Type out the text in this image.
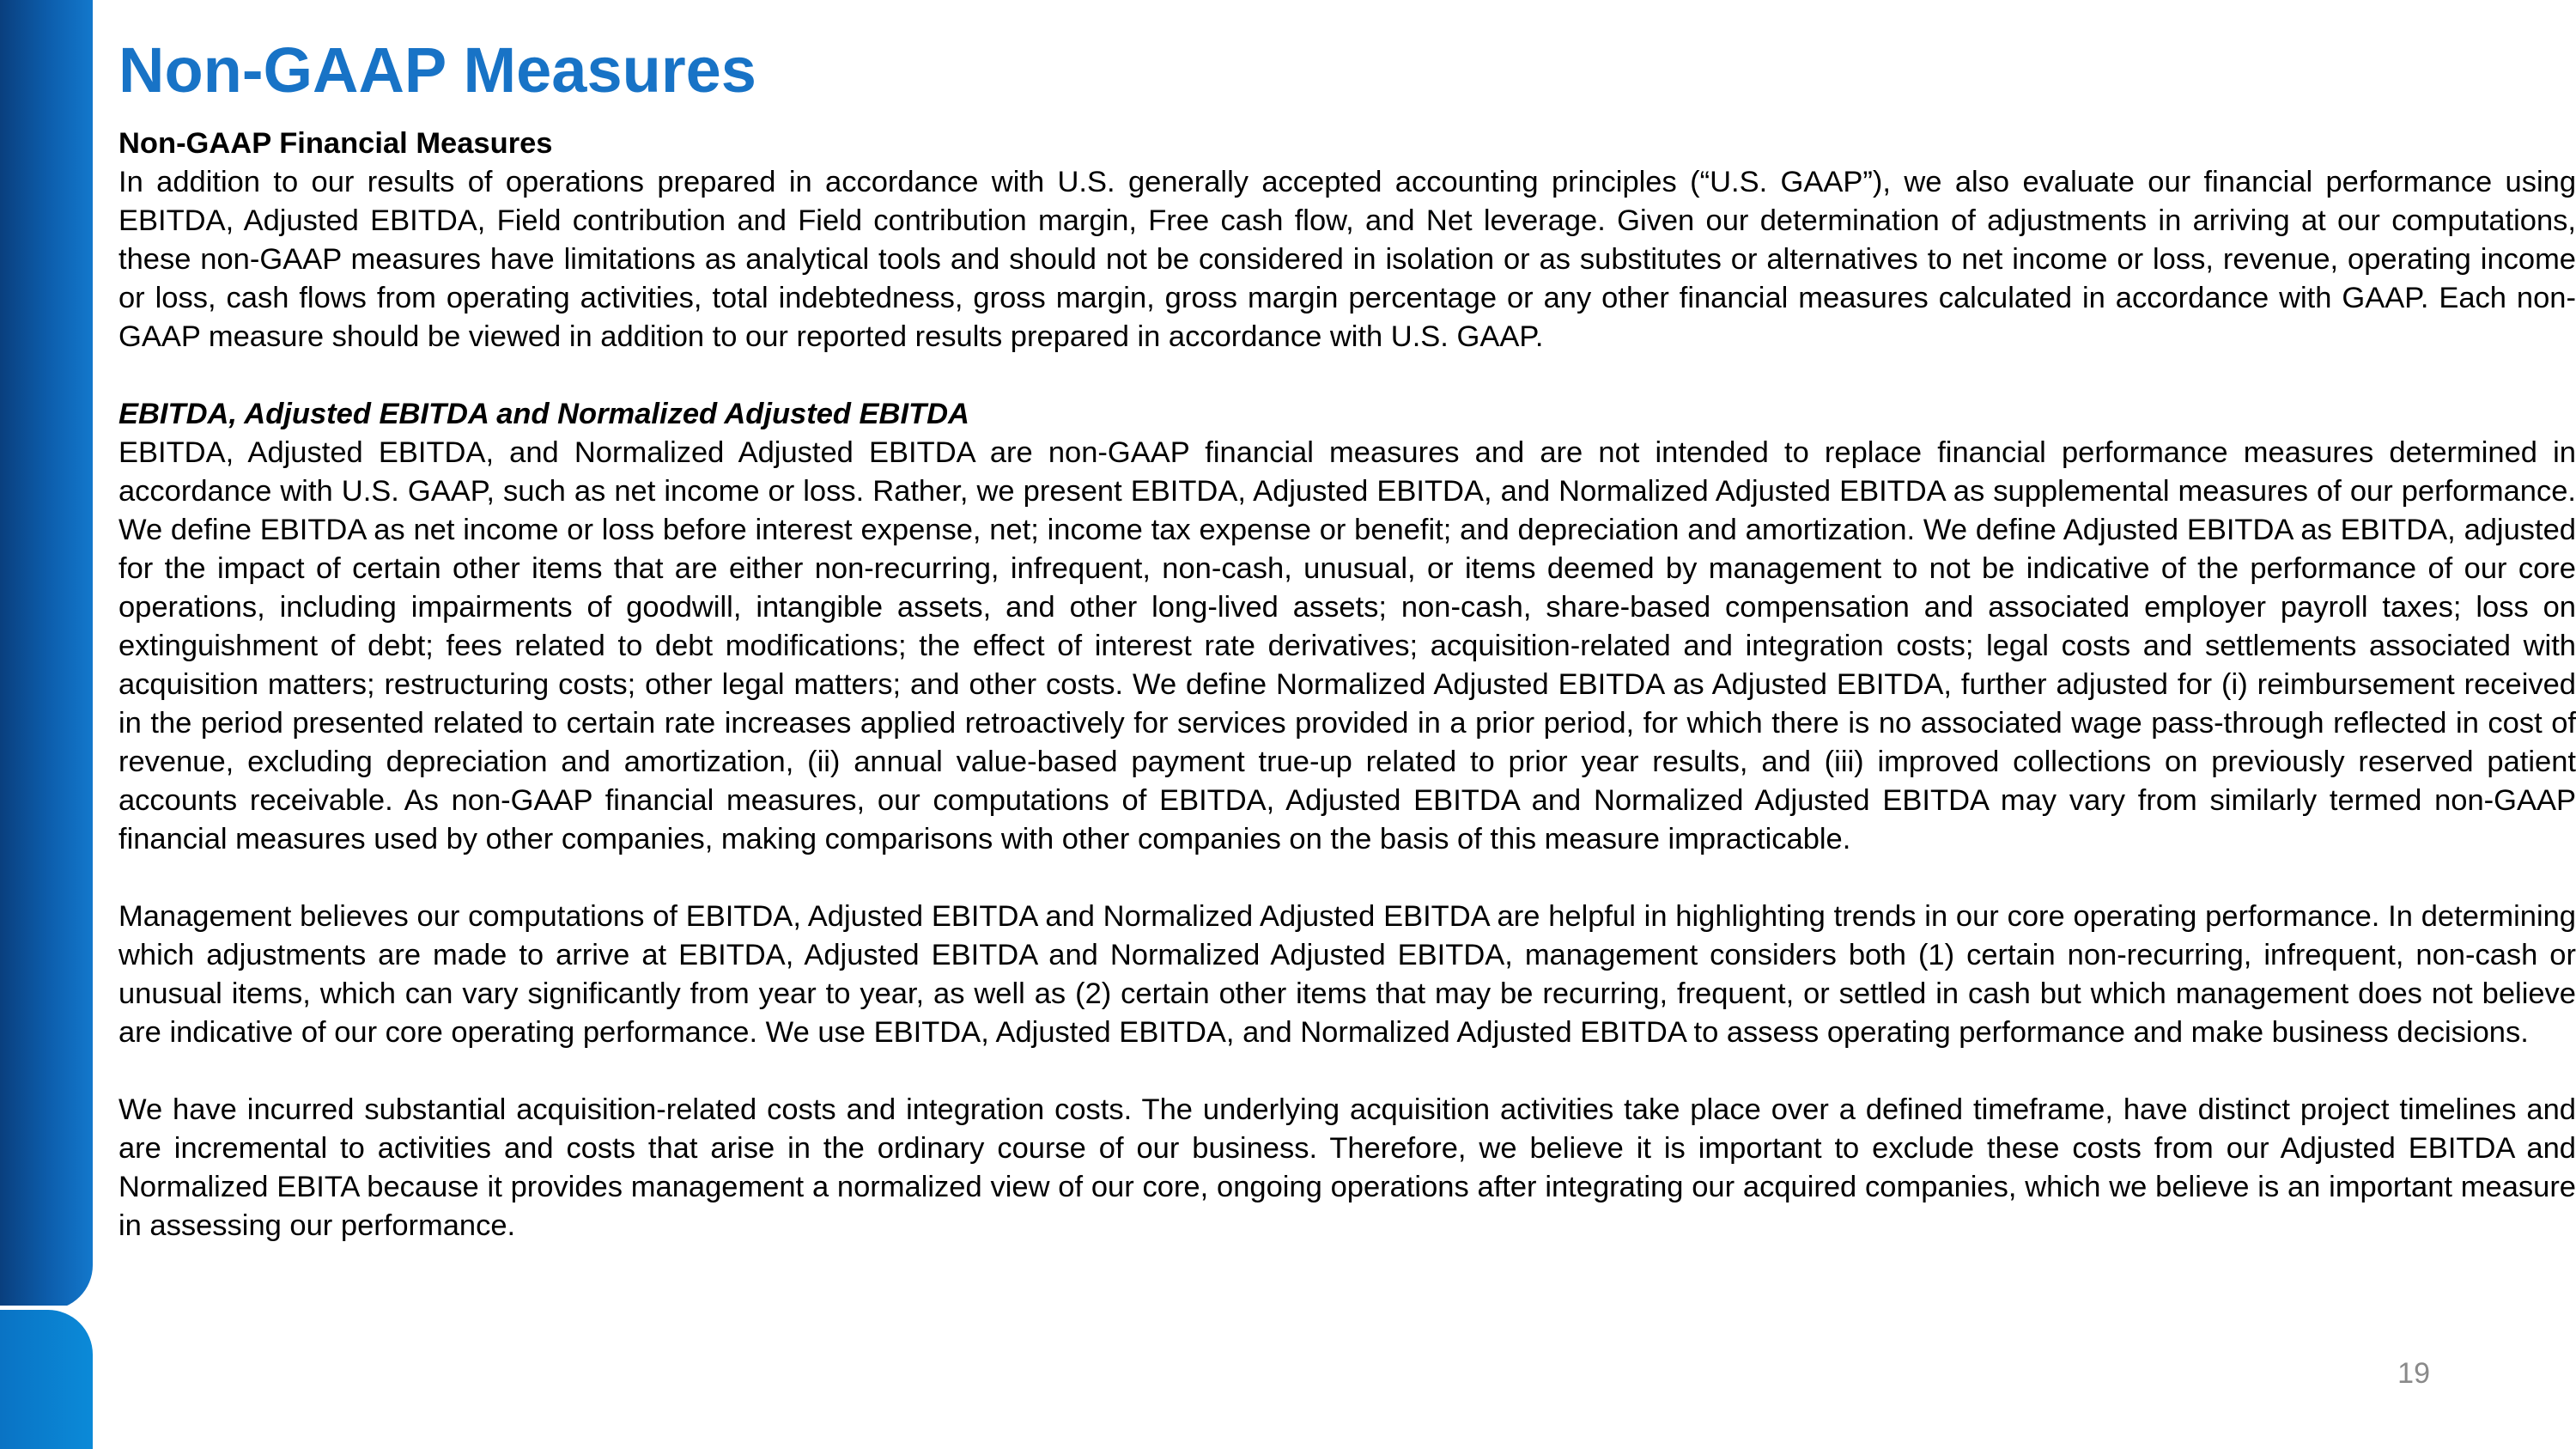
Non-GAAP Measures

Non-GAAP Financial Measures

In addition to our results of operations prepared in accordance with U.S. generally accepted accounting principles (“U.S. GAAP”), we also evaluate our financial performance using EBITDA, Adjusted EBITDA, Field contribution and Field contribution margin, Free cash flow, and Net leverage. Given our determination of adjustments in arriving at our computations, these non-GAAP measures have limitations as analytical tools and should not be considered in isolation or as substitutes or alternatives to net income or loss, revenue, operating income or loss, cash flows from operating activities, total indebtedness, gross margin, gross margin percentage or any other financial measures calculated in accordance with GAAP. Each non-GAAP measure should be viewed in addition to our reported results prepared in accordance with U.S. GAAP.

EBITDA, Adjusted EBITDA and Normalized Adjusted EBITDA

EBITDA, Adjusted EBITDA, and Normalized Adjusted EBITDA are non-GAAP financial measures and are not intended to replace financial performance measures determined in accordance with U.S. GAAP, such as net income or loss. Rather, we present EBITDA, Adjusted EBITDA, and Normalized Adjusted EBITDA as supplemental measures of our performance. We define EBITDA as net income or loss before interest expense, net; income tax expense or benefit; and depreciation and amortization. We define Adjusted EBITDA as EBITDA, adjusted for the impact of certain other items that are either non-recurring, infrequent, non-cash, unusual, or items deemed by management to not be indicative of the performance of our core operations, including impairments of goodwill, intangible assets, and other long-lived assets; non-cash, share-based compensation and associated employer payroll taxes; loss on extinguishment of debt; fees related to debt modifications; the effect of interest rate derivatives; acquisition-related and integration costs; legal costs and settlements associated with acquisition matters; restructuring costs; other legal matters; and other costs. We define Normalized Adjusted EBITDA as Adjusted EBITDA, further adjusted for (i) reimbursement received in the period presented related to certain rate increases applied retroactively for services provided in a prior period, for which there is no associated wage pass-through reflected in cost of revenue, excluding depreciation and amortization, (ii) annual value-based payment true-up related to prior year results, and (iii) improved collections on previously reserved patient accounts receivable. As non-GAAP financial measures, our computations of EBITDA, Adjusted EBITDA and Normalized Adjusted EBITDA may vary from similarly termed non-GAAP financial measures used by other companies, making comparisons with other companies on the basis of this measure impracticable.

Management believes our computations of EBITDA, Adjusted EBITDA and Normalized Adjusted EBITDA are helpful in highlighting trends in our core operating performance. In determining which adjustments are made to arrive at EBITDA, Adjusted EBITDA and Normalized Adjusted EBITDA, management considers both (1) certain non-recurring, infrequent, non-cash or unusual items, which can vary significantly from year to year, as well as (2) certain other items that may be recurring, frequent, or settled in cash but which management does not believe are indicative of our core operating performance. We use EBITDA, Adjusted EBITDA, and Normalized Adjusted EBITDA to assess operating performance and make business decisions.

We have incurred substantial acquisition-related costs and integration costs. The underlying acquisition activities take place over a defined timeframe, have distinct project timelines and are incremental to activities and costs that arise in the ordinary course of our business. Therefore, we believe it is important to exclude these costs from our Adjusted EBITDA and Normalized EBITA because it provides management a normalized view of our core, ongoing operations after integrating our acquired companies, which we believe is an important measure in assessing our performance.

19
